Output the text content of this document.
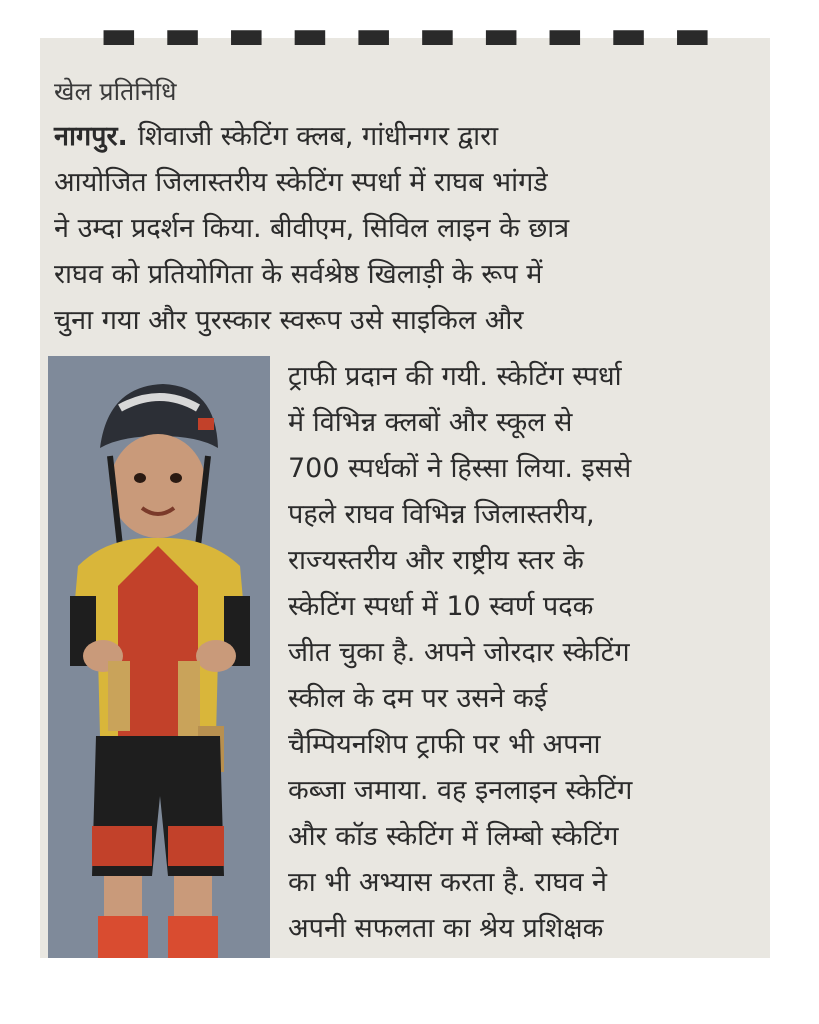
▬ ▬ ▬ ▬ ▬ ▬ ▬ ▬ ▬ ▬
खेल प्रतिनिधि
नागपुर. शिवाजी स्केटिंग क्लब, गांधीनगर द्वारा
आयोजित जिलास्तरीय स्केटिंग स्पर्धा में राघब भांगडे
ने उम्दा प्रदर्शन किया. बीवीएम, सिविल लाइन के छात्र
राघव को प्रतियोगिता के सर्वश्रेष्ठ खिलाड़ी के रूप में
चुना गया और पुरस्कार स्वरूप उसे साइकिल और
ट्राफी प्रदान की गयी. स्केटिंग स्पर्धा
में विभिन्न क्लबों और स्कूल से
700 स्पर्धकों ने हिस्सा लिया. इससे
पहले राघव विभिन्न जिलास्तरीय,
राज्यस्तरीय और राष्ट्रीय स्तर के
स्केटिंग स्पर्धा में 10 स्वर्ण पदक
जीत चुका है. अपने जोरदार स्केटिंग
स्कील के दम पर उसने कई
चैम्पियनशिप ट्राफी पर भी अपना
कब्जा जमाया. वह इनलाइन स्केटिंग
और कॉड स्केटिंग में लिम्बो स्केटिंग
का भी अभ्यास करता है. राघव ने
अपनी सफलता का श्रेय प्रशिक्षक
